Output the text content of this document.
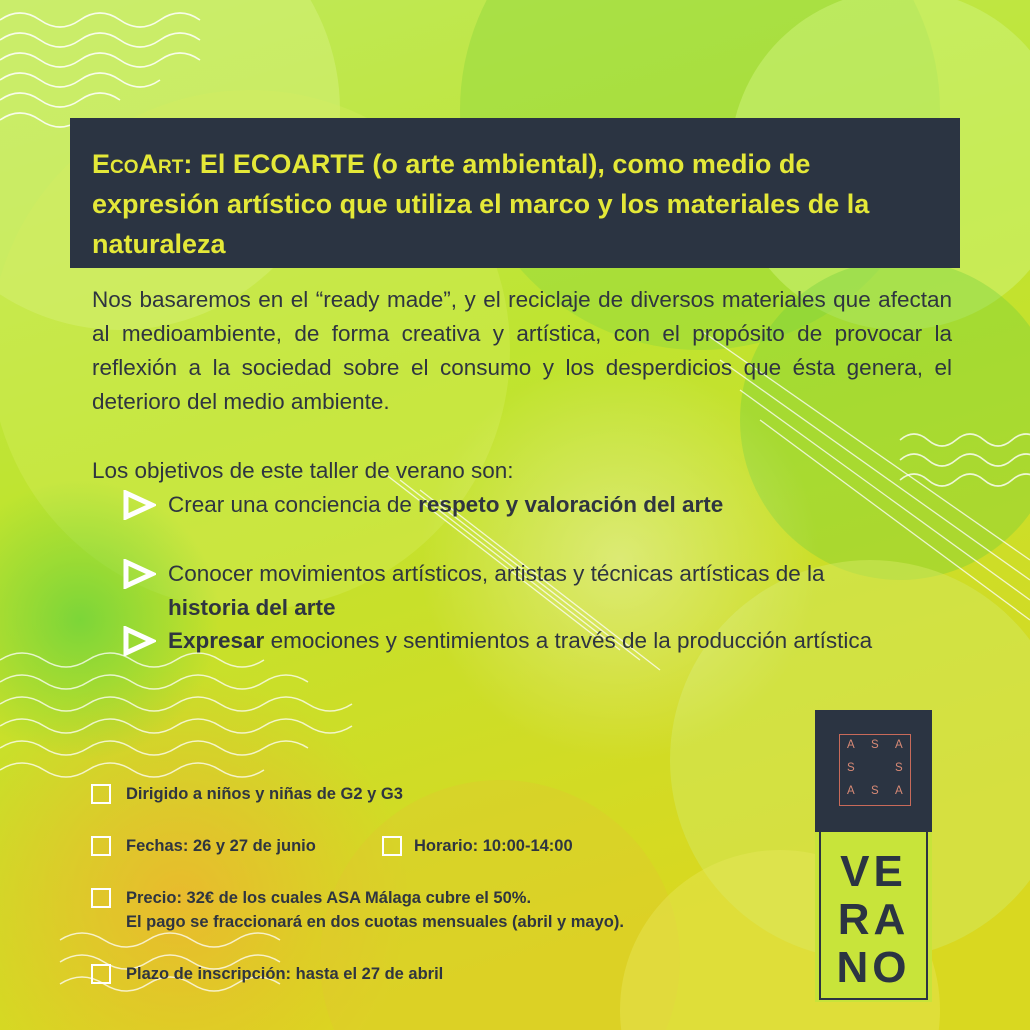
EcoArt: El ECOARTE (o arte ambiental), como medio de expresión artístico que utiliza el marco y los materiales de la naturaleza

Nos basaremos en el “ready made”, y el reciclaje de diversos materiales que afectan al medioambiente, de forma creativa y artística, con el propósito de provocar la reflexión a la sociedad sobre el consumo y los desperdicios que ésta genera, el deterioro del medio ambiente.

Los objetivos de este taller de verano son:

Crear una conciencia de respeto y valoración del arte

Conocer movimientos artísticos, artistas y técnicas artísticas de la historia del arte

Expresar emociones y sentimientos a través de la producción artística

Dirigido a niños y niñas de G2 y G3

Fechas: 26 y 27 de junio	Horario: 10:00-14:00

Precio: 32€ de los cuales ASA Málaga cubre el 50%.
El pago se fraccionará en dos cuotas mensuales (abril y mayo).

Plazo de inscripción: hasta el 27 de abril

A S A
S	S
A S A
VE
RA
NO
